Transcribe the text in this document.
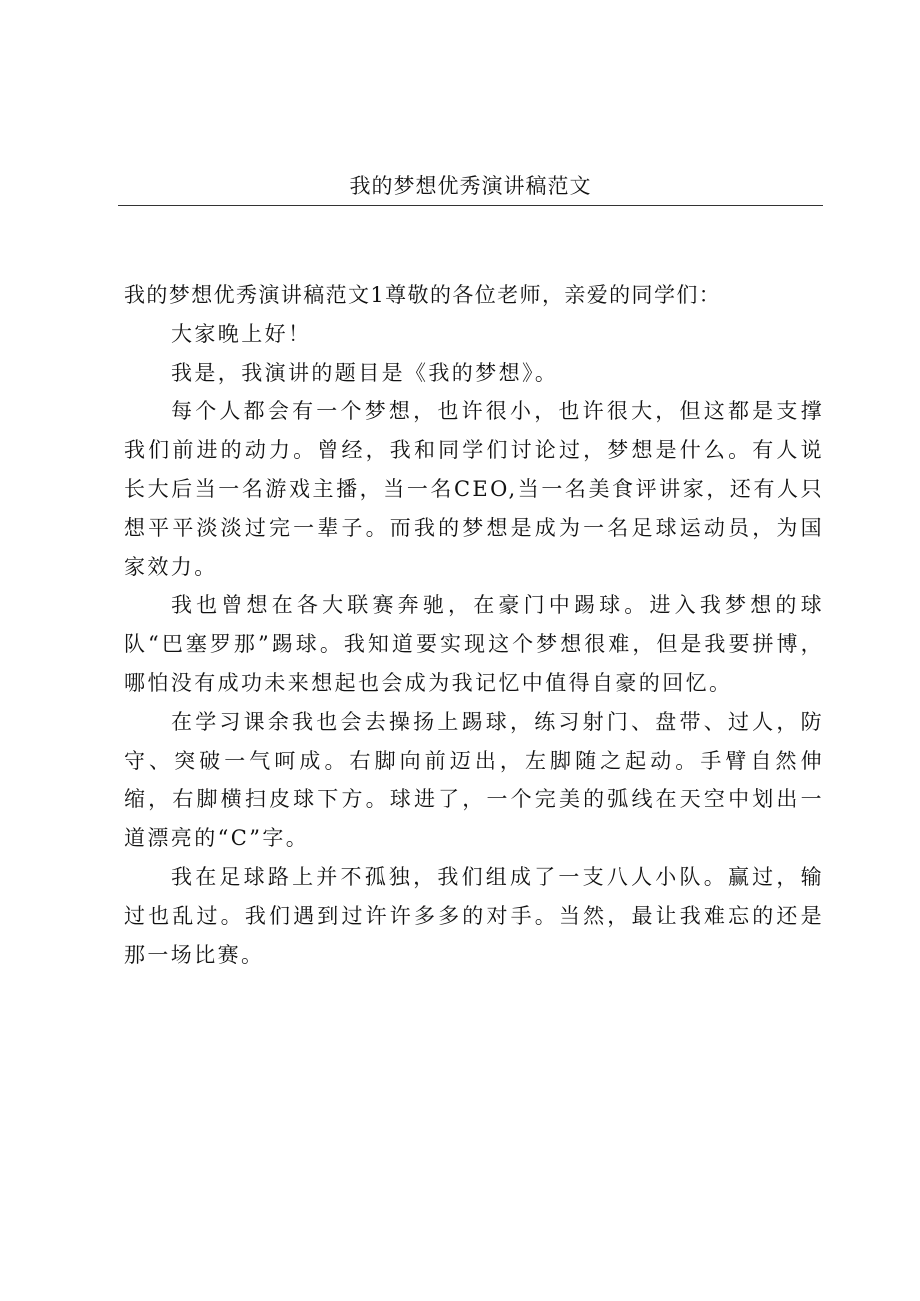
我的梦想优秀演讲稿范文

我的梦想优秀演讲稿范文1尊敬的各位老师，亲爱的同学们：

大家晚上好！

我是，我演讲的题目是《我的梦想》。

每个人都会有一个梦想，也许很小，也许很大，但这都是支撑我们前进的动力。曾经，我和同学们讨论过，梦想是什么。有人说长大后当一名游戏主播，当一名CEO,当一名美食评讲家，还有人只想平平淡淡过完一辈子。而我的梦想是成为一名足球运动员，为国家效力。

我也曾想在各大联赛奔驰，在豪门中踢球。进入我梦想的球队“巴塞罗那”踢球。我知道要实现这个梦想很难，但是我要拼博，哪怕没有成功未来想起也会成为我记忆中值得自豪的回忆。

在学习课余我也会去操扬上踢球，练习射门、盘带、过人，防守、突破一气呵成。右脚向前迈出，左脚随之起动。手臂自然伸缩，右脚横扫皮球下方。球进了，一个完美的弧线在天空中划出一道漂亮的“C”字。

我在足球路上并不孤独，我们组成了一支八人小队。赢过，输过也乱过。我们遇到过许许多多的对手。当然，最让我难忘的还是那一场比赛。
